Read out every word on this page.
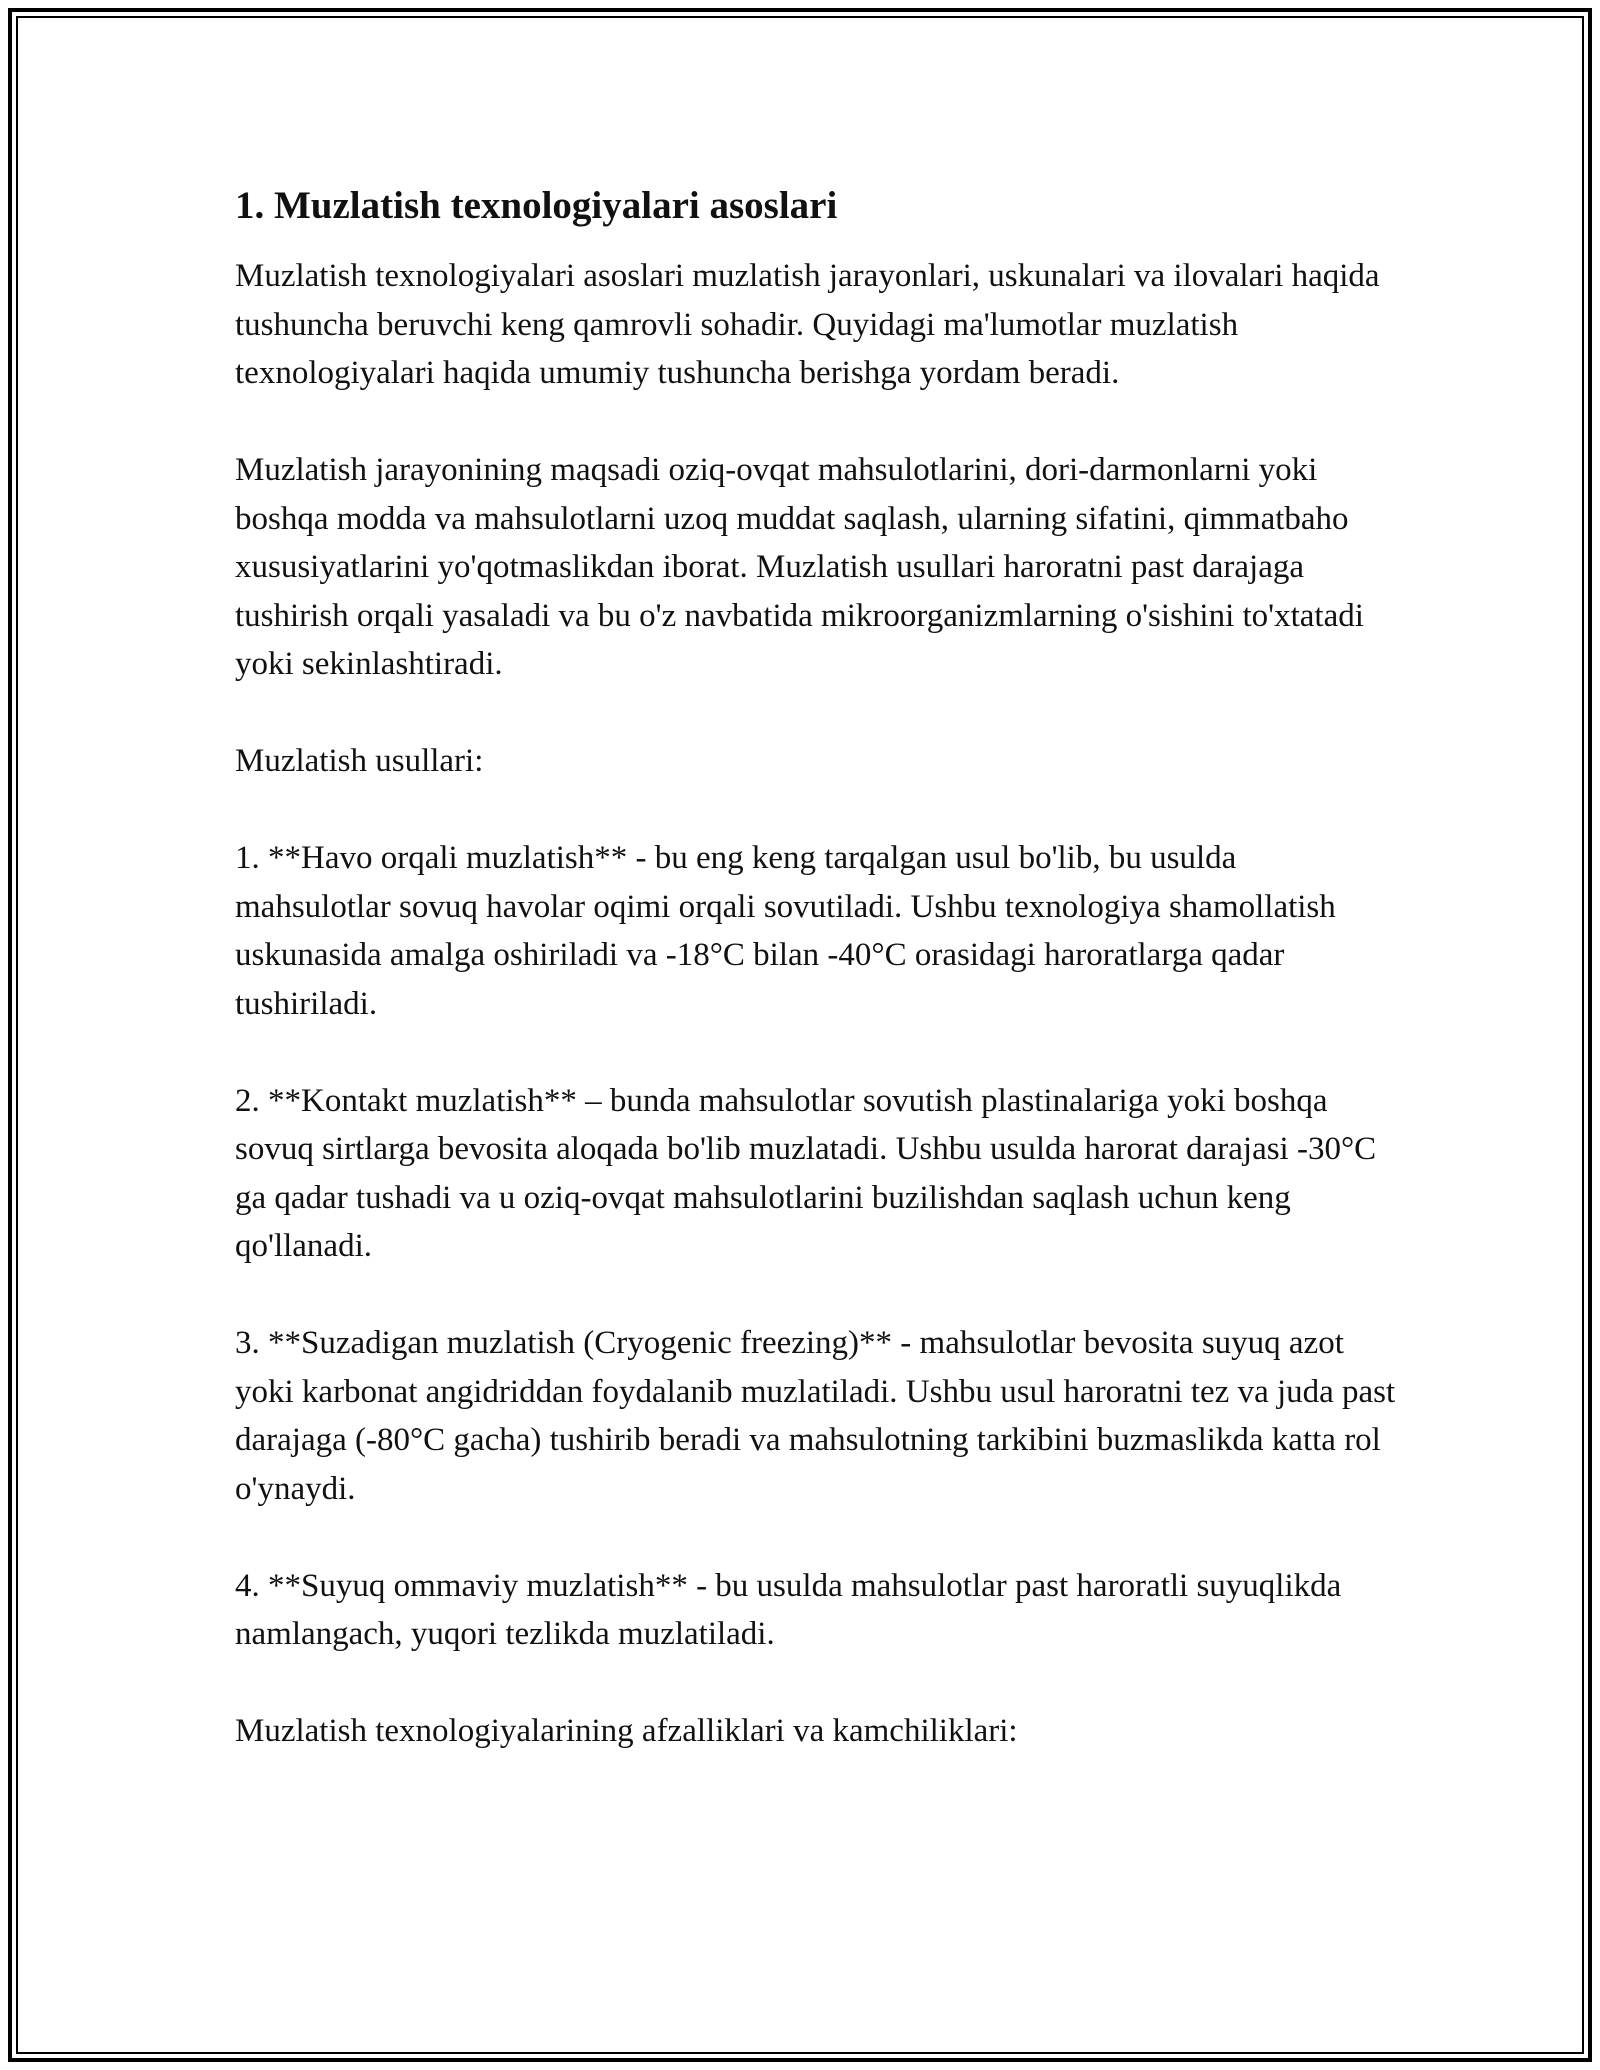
1. Muzlatish texnologiyalari asoslari

Muzlatish texnologiyalari asoslari muzlatish jarayonlari, uskunalari va ilovalari haqida tushuncha beruvchi keng qamrovli sohadir. Quyidagi ma'lumotlar muzlatish texnologiyalari haqida umumiy tushuncha berishga yordam beradi.

Muzlatish jarayonining maqsadi oziq-ovqat mahsulotlarini, dori-darmonlarni yoki boshqa modda va mahsulotlarni uzoq muddat saqlash, ularning sifatini, qimmatbaho xususiyatlarini yo'qotmaslikdan iborat. Muzlatish usullari haroratni past darajaga tushirish orqali yasaladi va bu o'z navbatida mikroorganizmlarning o'sishini to'xtatadi yoki sekinlashtiradi.

Muzlatish usullari:

1. **Havo orqali muzlatish** - bu eng keng tarqalgan usul bo'lib, bu usulda mahsulotlar sovuq havolar oqimi orqali sovutiladi. Ushbu texnologiya shamollatish uskunasida amalga oshiriladi va -18°C bilan -40°C orasidagi haroratlarga qadar tushiriladi.

2. **Kontakt muzlatish** – bunda mahsulotlar sovutish plastinalariga yoki boshqa sovuq sirtlarga bevosita aloqada bo'lib muzlatadi. Ushbu usulda harorat darajasi -30°C ga qadar tushadi va u oziq-ovqat mahsulotlarini buzilishdan saqlash uchun keng qo'llanadi.

3. **Suzadigan muzlatish (Cryogenic freezing)** - mahsulotlar bevosita suyuq azot yoki karbonat angidriddan foydalanib muzlatiladi. Ushbu usul haroratni tez va juda past darajaga (-80°C gacha) tushirib beradi va mahsulotning tarkibini buzmaslikda katta rol o'ynaydi.

4. **Suyuq ommaviy muzlatish** - bu usulda mahsulotlar past haroratli suyuqlikda namlangach, yuqori tezlikda muzlatiladi.

Muzlatish texnologiyalarining afzalliklari va kamchiliklari:
